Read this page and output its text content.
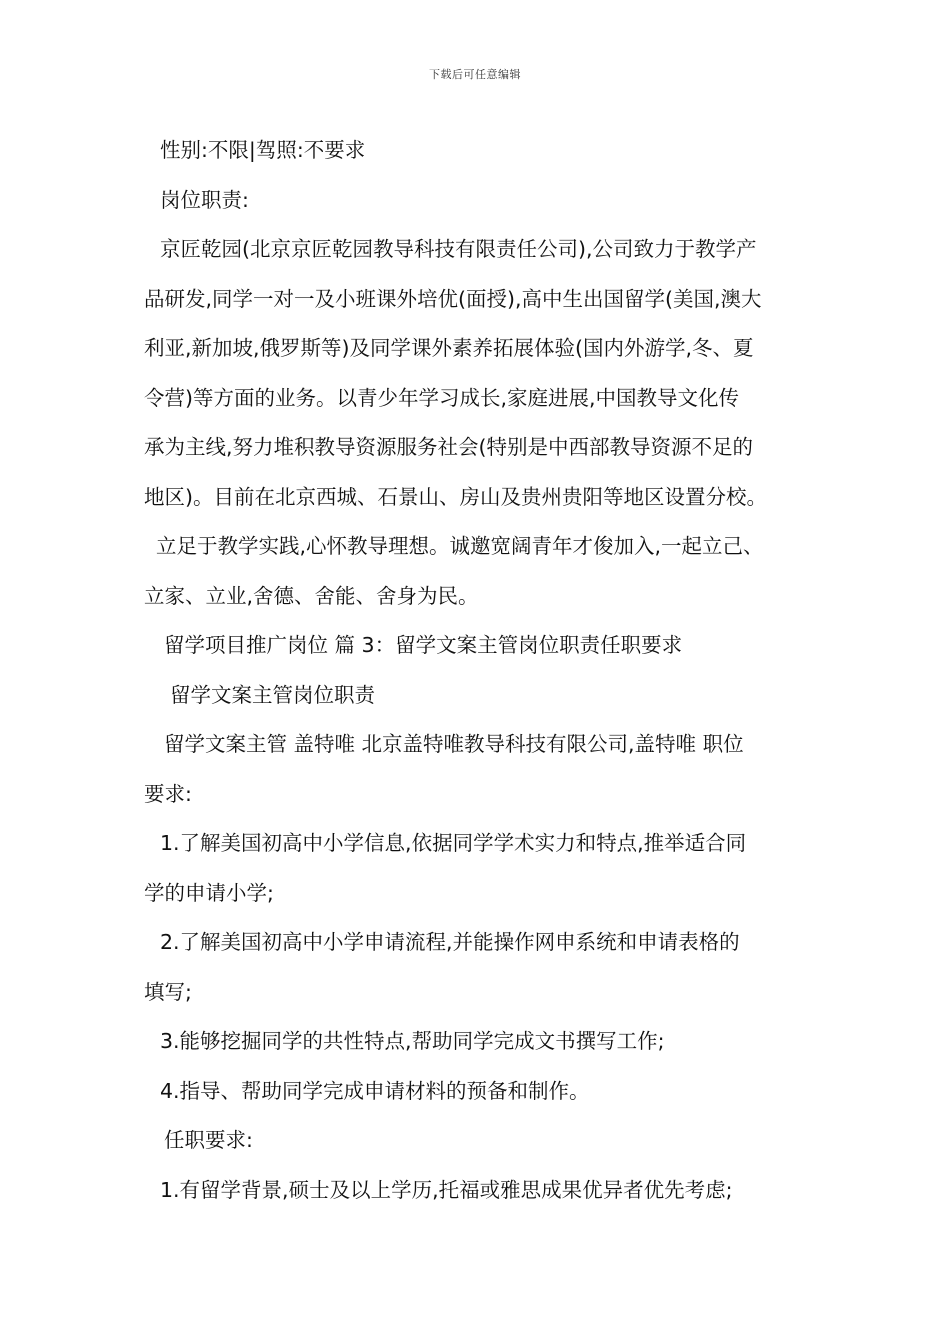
下载后可任意编辑
性别:不限|驾照:不要求
岗位职责:
京匠乾园(北京京匠乾园教导科技有限责任公司),公司致力于教学产
品研发,同学一对一及小班课外培优(面授),高中生出国留学(美国,澳大
利亚,新加坡,俄罗斯等)及同学课外素养拓展体验(国内外游学,冬、夏
令营)等方面的业务。以青少年学习成长,家庭进展,中国教导文化传
承为主线,努力堆积教导资源服务社会(特别是中西部教导资源不足的
地区)。目前在北京西城、石景山、房山及贵州贵阳等地区设置分校。
立足于教学实践,心怀教导理想。诚邀宽阔青年才俊加入,一起立己、
立家、立业,舍德、舍能、舍身为民。
留学项目推广岗位 篇 3：留学文案主管岗位职责任职要求
留学文案主管岗位职责
留学文案主管 盖特唯 北京盖特唯教导科技有限公司,盖特唯 职位
要求:
1.了解美国初高中小学信息,依据同学学术实力和特点,推举适合同
学的申请小学;
2.了解美国初高中小学申请流程,并能操作网申系统和申请表格的
填写;
3.能够挖掘同学的共性特点,帮助同学完成文书撰写工作;
4.指导、帮助同学完成申请材料的预备和制作。
任职要求:
1.有留学背景,硕士及以上学历,托福或雅思成果优异者优先考虑;
